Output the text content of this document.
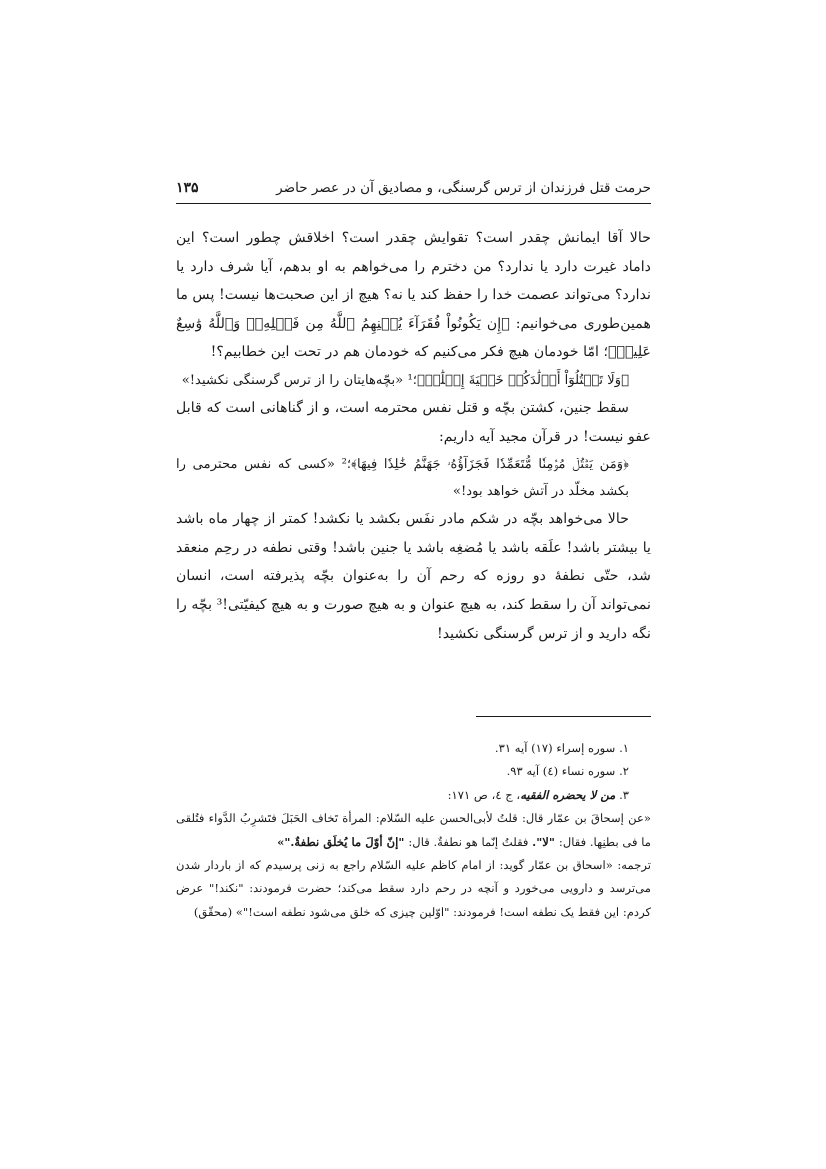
حرمت قتل فرزندان از ترس گرسنگی، و مصادیق آن در عصر حاضر
۱۳۵

حالا آقا ایمانش چقدر است؟ تقوایش چقدر است؟ اخلاقش چطور است؟ این داماد غیرت دارد یا ندارد؟ من دخترم را می‌خواهم به او بدهم، آیا شرف دارد یا ندارد؟ می‌تواند عصمت خدا را حفظ کند یا نه؟ هیچ از این صحبت‌ها نیست! پس ما همین‌طوری می‌خوانیم: ﴿إِن يَكُونُواْ فُقَرَآءَ يُغۡنِهِمُ ٱللَّهُ مِن فَضۡلِهِۦۗ وَٱللَّهُ وَٰسِعٌ عَلِيمٞ﴾؛ امّا خودمان هیچ فکر می‌کنیم که خودمان هم در تحت این خطابیم؟!

﴿وَلَا تَقۡتُلُوٓاْ أَوۡلَٰدَكُمۡ خَشۡيَةَ إِمۡلَٰقٖ﴾؛¹ «بچّه‌هایتان را از ترس گرسنگی نکشید!»

سقط جنین، کشتن بچّه و قتل نفس محترمه است، و از گناهانی است که قابل عفو نیست! در قرآن مجید آیه داریم:

﴿وَمَن يَقۡتُلۡ مُؤۡمِنٗا مُّتَعَمِّدٗا فَجَزَآؤُهُۥ جَهَنَّمُ خَٰلِدٗا فِيهَا﴾؛² «کسی که نفس محترمی را بکشد مخلّد در آتش خواهد بود!»

حالا می‌خواهد بچّه در شکم مادر نفَس بکشد یا نکشد! کمتر از چهار ماه باشد یا بیشتر باشد! علَقه باشد یا مُضغِه باشد یا جنین باشد! وقتی نطفه در رحِم منعقد شد، حتّی نطفهٔ دو روزه که رحم آن را به‌عنوان بچّه پذیرفته است، انسان نمی‌تواند آن را سقط کند، به هیچ عنوان و به هیچ صورت و به هیچ کیفیّتی!³ بچّه را نگه دارید و از ترس گرسنگی نکشید!

۱. سوره إسراء (۱۷) آیه ۳۱.

۲. سوره نساء (٤) آیه ۹۳.

۳. من لا يحضره الفقيه، ج ٤، ص ۱۷۱:

«عن إسحاقَ بن عمّار قال: قلتُ لأبى‌الحسن عليه السّلام: المرأة تَخاف الحَبَلَ فتَشرِبُ الدَّواء فتُلقى ما فى بطنِها. فقال: "لا". فقلتُ إنّما هو نطفةٌ. قال: "إنّ أوّلَ ما يُخلَق نطفةٌ."»

ترجمه: «اسحاق بن عمّار گوید: از امام کاظم علیه السّلام راجع به زنی پرسیدم که از باردار شدن می‌ترسد و دارویی می‌خورد و آنچه در رحم دارد سقط می‌کند؛ حضرت فرمودند: "نکند!" عرض کردم: این فقط یک نطفه است! فرمودند: "اوّلین چیزی که خلق می‌شود نطفه است!"» (محقّق)
